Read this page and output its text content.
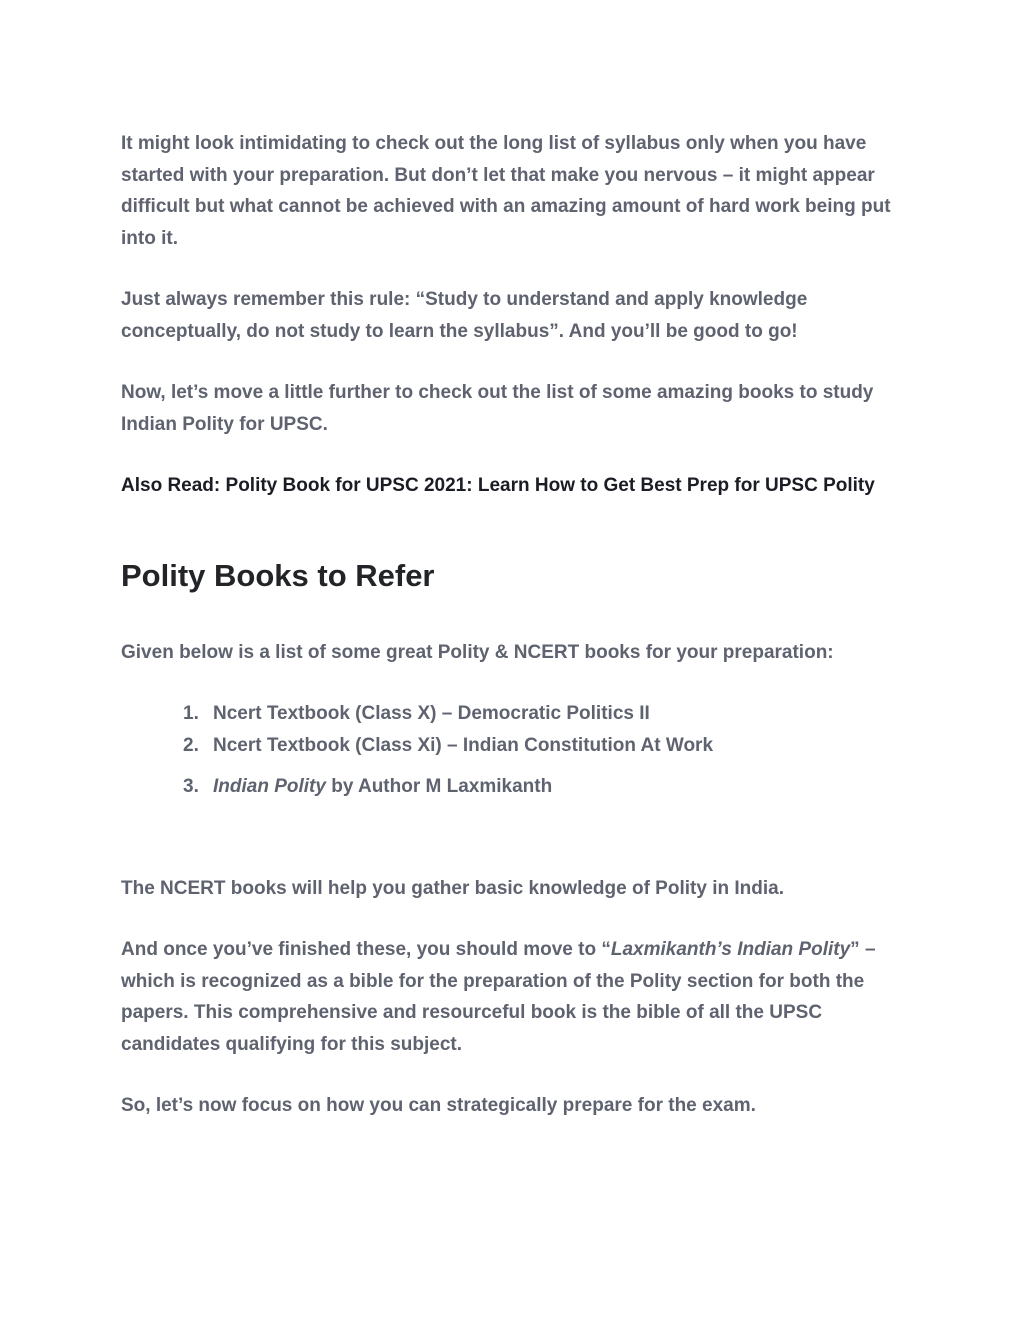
It might look intimidating to check out the long list of syllabus only when you have started with your preparation. But don’t let that make you nervous – it might appear difficult but what cannot be achieved with an amazing amount of hard work being put into it.

Just always remember this rule: “Study to understand and apply knowledge conceptually, do not study to learn the syllabus”. And you’ll be good to go!

Now, let’s move a little further to check out the list of some amazing books to study Indian Polity for UPSC.

Also Read: Polity Book for UPSC 2021: Learn How to Get Best Prep for UPSC Polity

Polity Books to Refer

Given below is a list of some great Polity & NCERT books for your preparation:

1. Ncert Textbook (Class X) – Democratic Politics II
2. Ncert Textbook (Class Xi) – Indian Constitution At Work
3. Indian Polity by Author M Laxmikanth

The NCERT books will help you gather basic knowledge of Polity in India.

And once you’ve finished these, you should move to “Laxmikanth’s Indian Polity” – which is recognized as a bible for the preparation of the Polity section for both the papers. This comprehensive and resourceful book is the bible of all the UPSC candidates qualifying for this subject.

So, let’s now focus on how you can strategically prepare for the exam.
